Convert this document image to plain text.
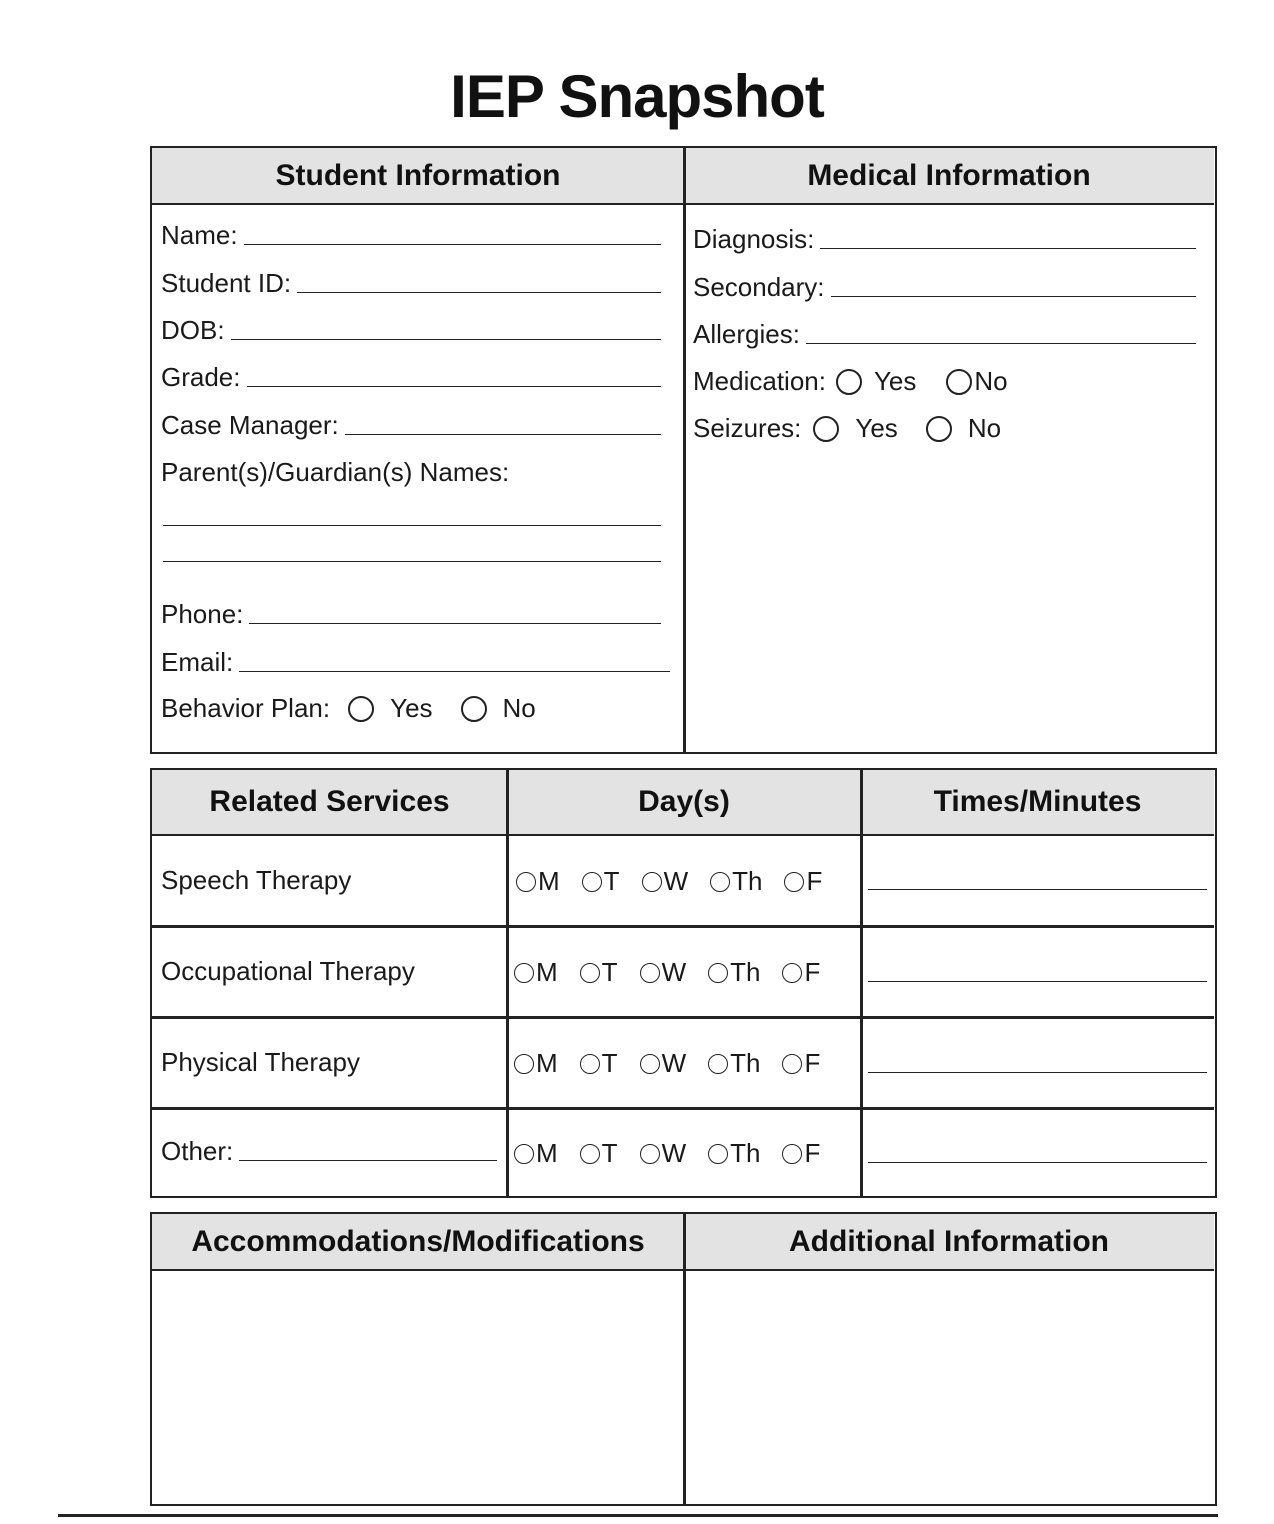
IEP Snapshot
Student Information	Medical Information
Name:
Student ID:
DOB:
Grade:
Case Manager:
Parent(s)/Guardian(s) Names:
Phone:
Email:
Behavior Plan: Yes	No
Diagnosis:
Secondary:
Allergies:
Medication: Yes No
Seizures: Yes	No
Related Services	Day(s)	Times/Minutes
Speech Therapy	M T W Th F
Occupational Therapy	M T W Th F
Physical Therapy	M T W Th F
Other:	M T W Th F
Accommodations/Modifications	Additional Information
